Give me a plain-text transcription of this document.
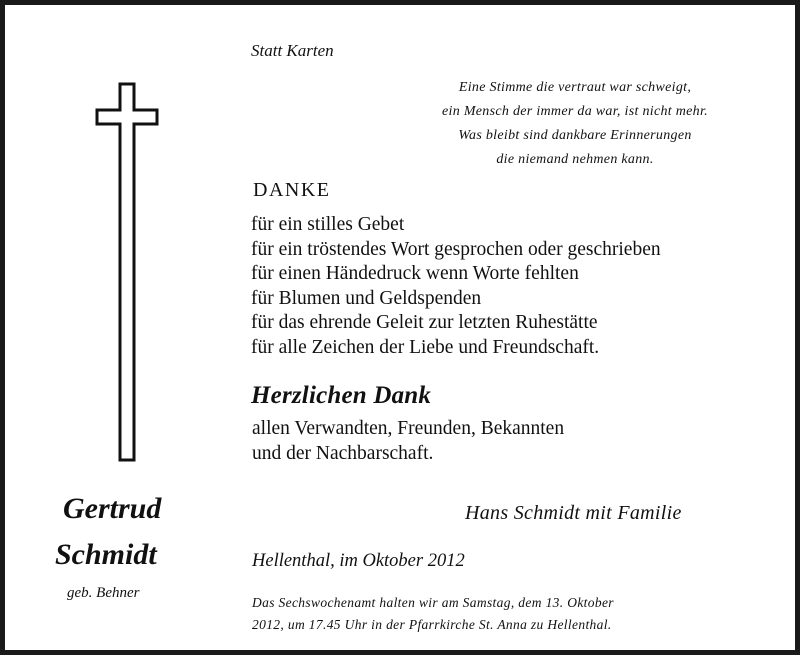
Statt Karten

Eine Stimme die vertraut war schweigt,
ein Mensch der immer da war, ist nicht mehr.
Was bleibt sind dankbare Erinnerungen
die niemand nehmen kann.

DANKE

für ein stilles Gebet
für ein tröstendes Wort gesprochen oder geschrieben
für einen Händedruck wenn Worte fehlten
für Blumen und Geldspenden
für das ehrende Geleit zur letzten Ruhestätte
für alle Zeichen der Liebe und Freundschaft.

Herzlichen Dank

allen Verwandten, Freunden, Bekannten
und der Nachbarschaft.

Gertrud

Schmidt

geb. Behner

Hans Schmidt mit Familie

Hellenthal, im Oktober 2012

Das Sechswochenamt halten wir am Samstag, dem 13. Oktober
2012, um 17.45 Uhr in der Pfarrkirche St. Anna zu Hellenthal.
